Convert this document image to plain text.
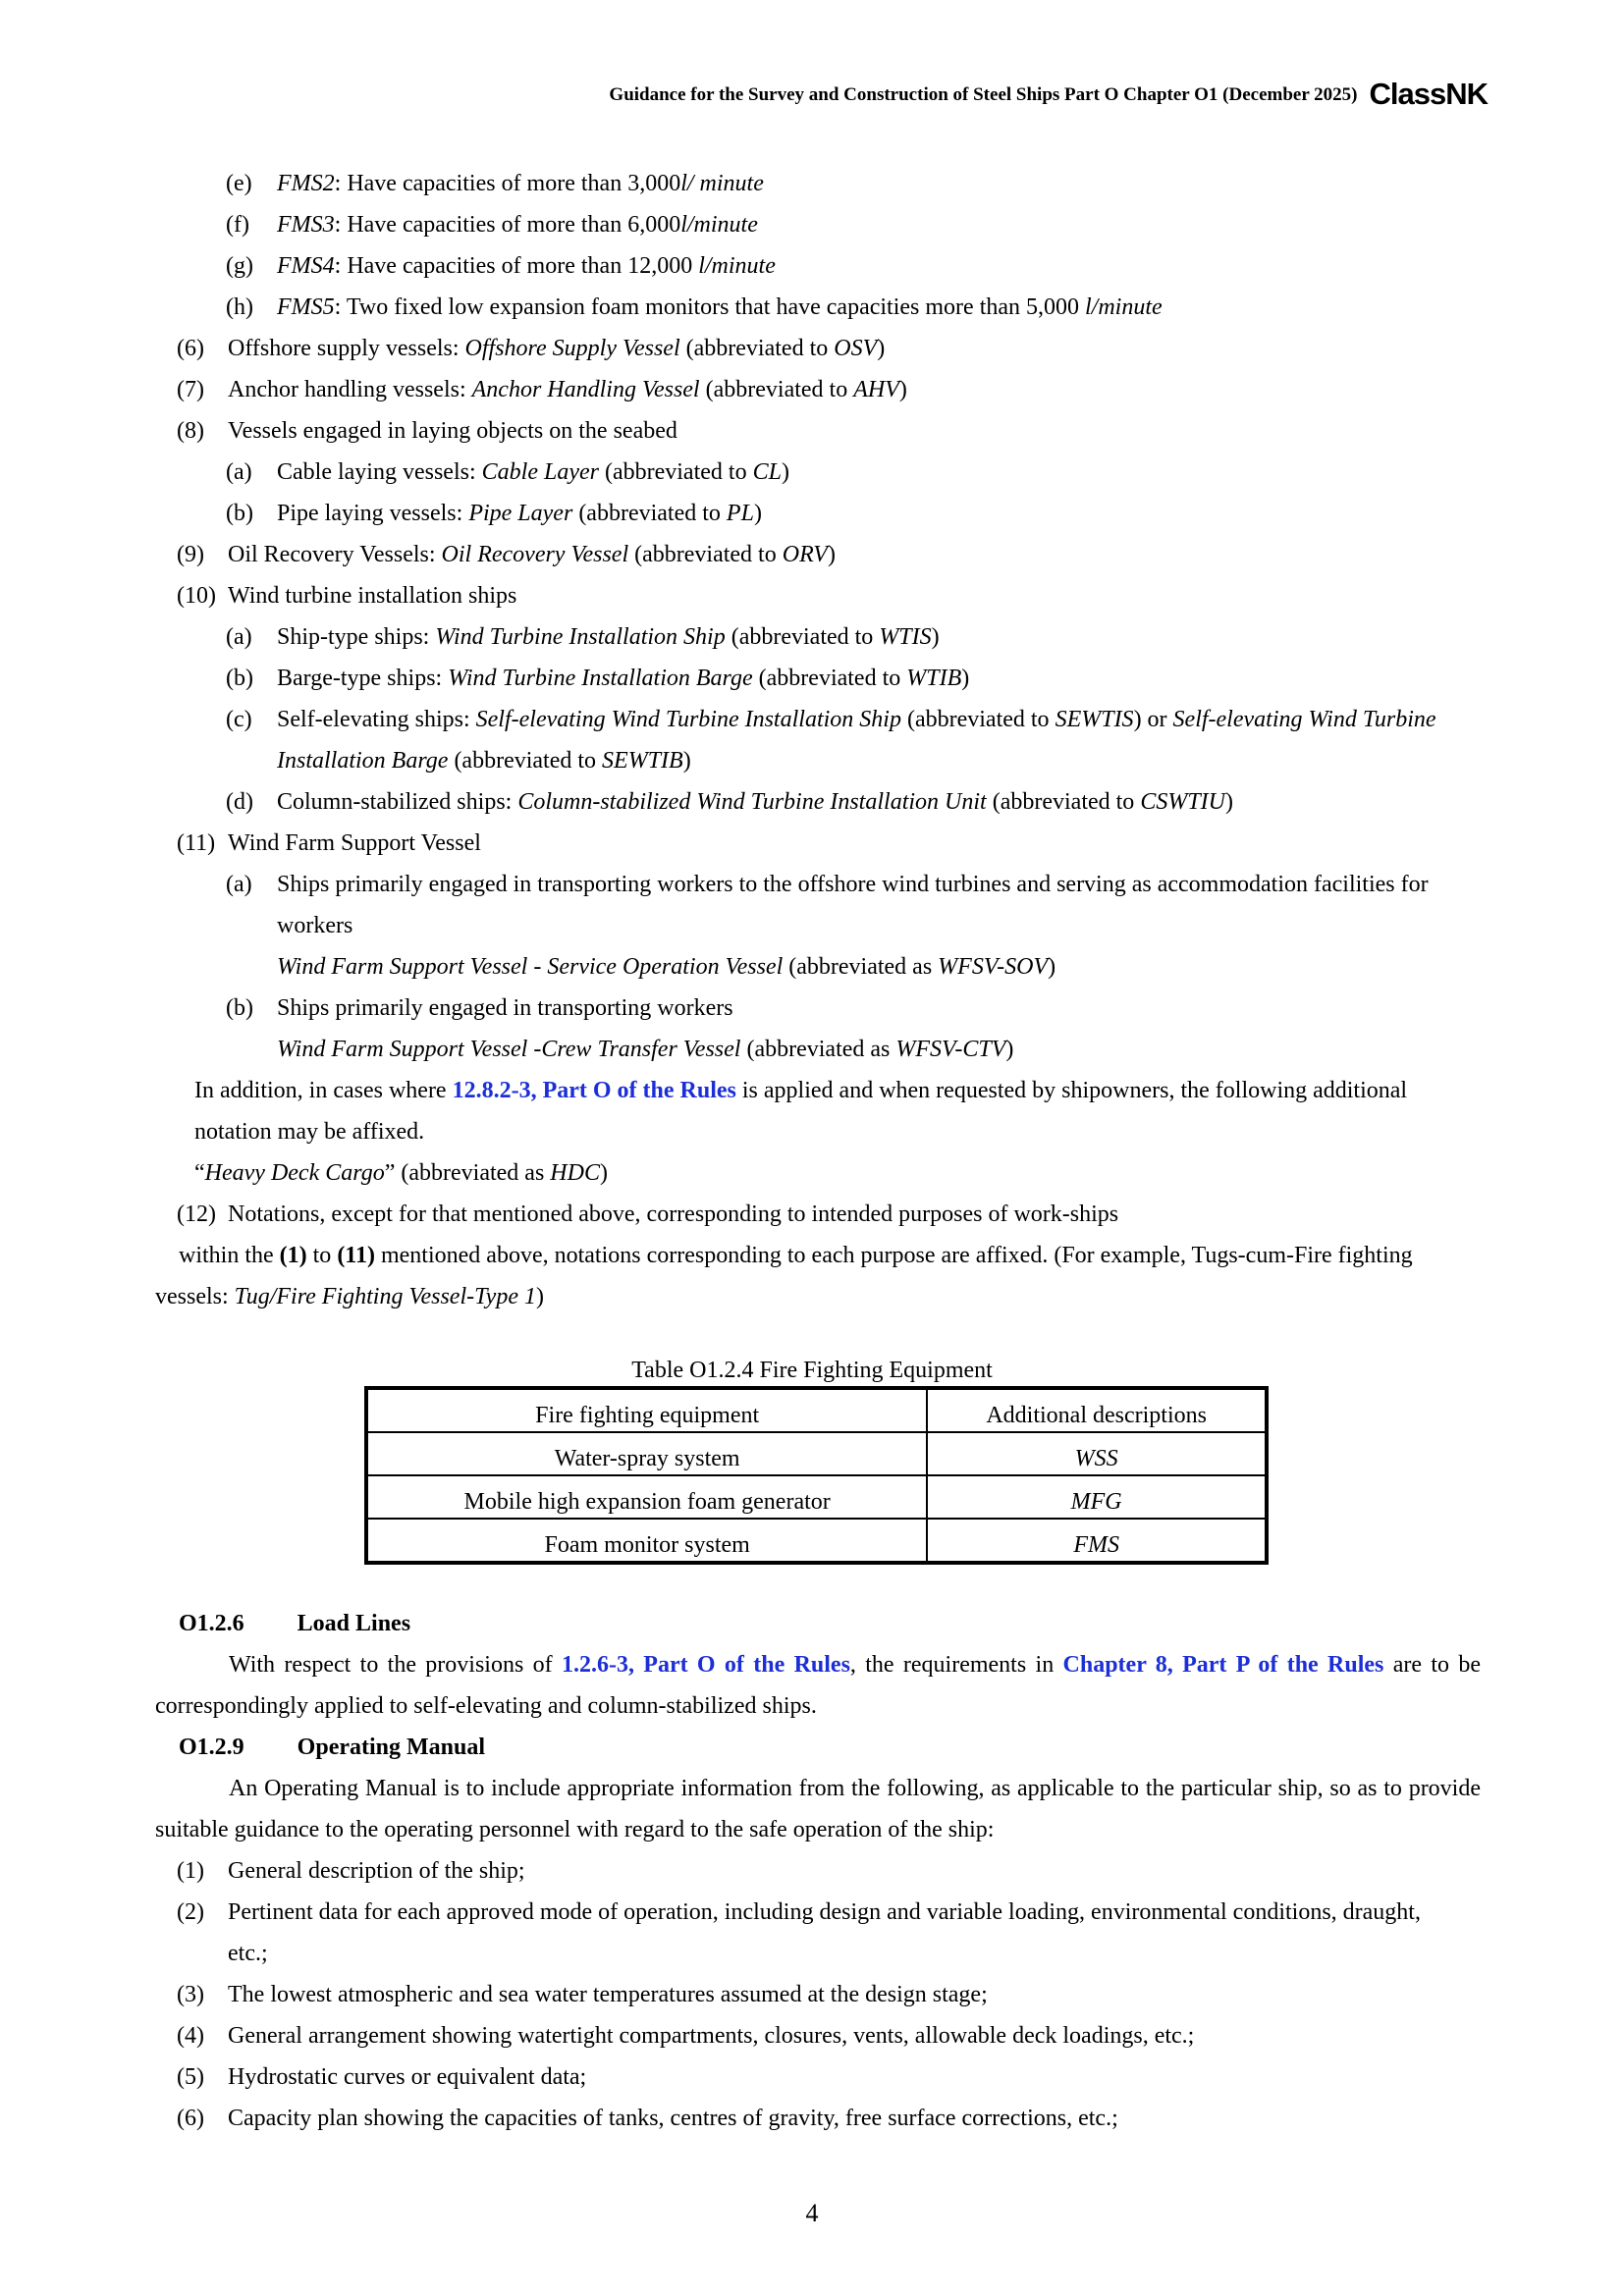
Guidance for the Survey and Construction of Steel Ships Part O Chapter O1 (December 2025) ClassNK
(e) FMS2: Have capacities of more than 3,000l/ minute
(f) FMS3: Have capacities of more than 6,000l/minute
(g) FMS4: Have capacities of more than 12,000 l/minute
(h) FMS5: Two fixed low expansion foam monitors that have capacities more than 5,000 l/minute
(6) Offshore supply vessels: Offshore Supply Vessel (abbreviated to OSV)
(7) Anchor handling vessels: Anchor Handling Vessel (abbreviated to AHV)
(8) Vessels engaged in laying objects on the seabed
(a) Cable laying vessels: Cable Layer (abbreviated to CL)
(b) Pipe laying vessels: Pipe Layer (abbreviated to PL)
(9) Oil Recovery Vessels: Oil Recovery Vessel (abbreviated to ORV)
(10) Wind turbine installation ships
(a) Ship-type ships: Wind Turbine Installation Ship (abbreviated to WTIS)
(b) Barge-type ships: Wind Turbine Installation Barge (abbreviated to WTIB)
(c) Self-elevating ships: Self-elevating Wind Turbine Installation Ship (abbreviated to SEWTIS) or Self-elevating Wind Turbine
Installation Barge (abbreviated to SEWTIB)
(d) Column-stabilized ships: Column-stabilized Wind Turbine Installation Unit (abbreviated to CSWTIU)
(11) Wind Farm Support Vessel
(a) Ships primarily engaged in transporting workers to the offshore wind turbines and serving as accommodation facilities for
workers
Wind Farm Support Vessel - Service Operation Vessel (abbreviated as WFSV-SOV)
(b) Ships primarily engaged in transporting workers
Wind Farm Support Vessel -Crew Transfer Vessel (abbreviated as WFSV-CTV)
In addition, in cases where 12.8.2-3, Part O of the Rules is applied and when requested by shipowners, the following additional
notation may be affixed.
“Heavy Deck Cargo” (abbreviated as HDC)
(12) Notations, except for that mentioned above, corresponding to intended purposes of work-ships
within the (1) to (11) mentioned above, notations corresponding to each purpose are affixed. (For example, Tugs-cum-Fire fighting
vessels: Tug/Fire Fighting Vessel-Type 1)
Table O1.2.4 Fire Fighting Equipment
Fire fighting equipment	Additional descriptions
Water-spray system	WSS
Mobile high expansion foam generator	MFG
Foam monitor system	FMS
O1.2.6 Load Lines
With respect to the provisions of 1.2.6-3, Part O of the Rules, the requirements in Chapter 8, Part P of the Rules are to be correspondingly applied to self-elevating and column-stabilized ships.
O1.2.9 Operating Manual
An Operating Manual is to include appropriate information from the following, as applicable to the particular ship, so as to provide suitable guidance to the operating personnel with regard to the safe operation of the ship:
(1) General description of the ship;
(2) Pertinent data for each approved mode of operation, including design and variable loading, environmental conditions, draught,
etc.;
(3) The lowest atmospheric and sea water temperatures assumed at the design stage;
(4) General arrangement showing watertight compartments, closures, vents, allowable deck loadings, etc.;
(5) Hydrostatic curves or equivalent data;
(6) Capacity plan showing the capacities of tanks, centres of gravity, free surface corrections, etc.;
4
